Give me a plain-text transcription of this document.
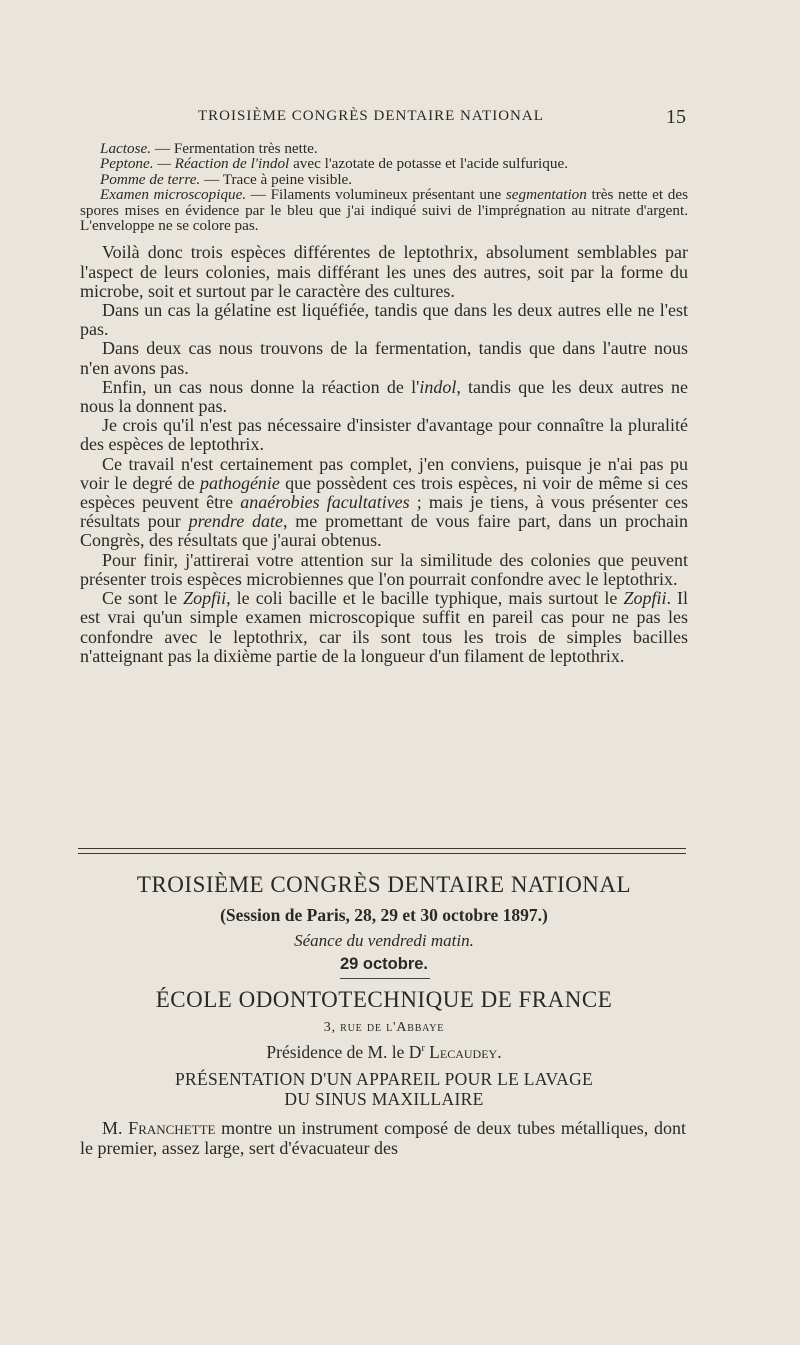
TROISIÈME CONGRÈS DENTAIRE NATIONAL	15

Lactose. — Fermentation très nette.

Peptone. — Réaction de l'indol avec l'azotate de potasse et l'acide sulfurique.

Pomme de terre. — Trace à peine visible.

Examen microscopique. — Filaments volumineux présentant une segmentation très nette et des spores mises en évidence par le bleu que j'ai indiqué suivi de l'imprégnation au nitrate d'argent. L'enveloppe ne se colore pas.

Voilà donc trois espèces différentes de leptothrix, absolument semblables par l'aspect de leurs colonies, mais différant les unes des autres, soit par la forme du microbe, soit et surtout par le caractère des cultures.

Dans un cas la gélatine est liquéfiée, tandis que dans les deux autres elle ne l'est pas.

Dans deux cas nous trouvons de la fermentation, tandis que dans l'autre nous n'en avons pas.

Enfin, un cas nous donne la réaction de l'indol, tandis que les deux autres ne nous la donnent pas.

Je crois qu'il n'est pas nécessaire d'insister d'avantage pour connaître la pluralité des espèces de leptothrix.

Ce travail n'est certainement pas complet, j'en conviens, puisque je n'ai pas pu voir le degré de pathogénie que possèdent ces trois espèces, ni voir de même si ces espèces peuvent être anaérobies facultatives ; mais je tiens, à vous présenter ces résultats pour prendre date, me promettant de vous faire part, dans un prochain Congrès, des résultats que j'aurai obtenus.

Pour finir, j'attirerai votre attention sur la similitude des colonies que peuvent présenter trois espèces microbiennes que l'on pourrait confondre avec le leptothrix.

Ce sont le Zopfii, le coli bacille et le bacille typhique, mais surtout le Zopfii. Il est vrai qu'un simple examen microscopique suffit en pareil cas pour ne pas les confondre avec le leptothrix, car ils sont tous les trois de simples bacilles n'atteignant pas la dixième partie de la longueur d'un filament de leptothrix.

TROISIÈME CONGRÈS DENTAIRE NATIONAL
(Session de Paris, 28, 29 et 30 octobre 1897.)
Séance du vendredi matin.
29 octobre.
ÉCOLE ODONTOTECHNIQUE DE FRANCE
3, rue de l'Abbaye
Présidence de M. le $D^r$ Lecaudey.
PRÉSENTATION D'UN APPAREIL POUR LE LAVAGE
DU SINUS MAXILLAIRE
M. Franchette montre un instrument composé de deux tubes métalliques, dont le premier, assez large, sert d'évacuateur des
